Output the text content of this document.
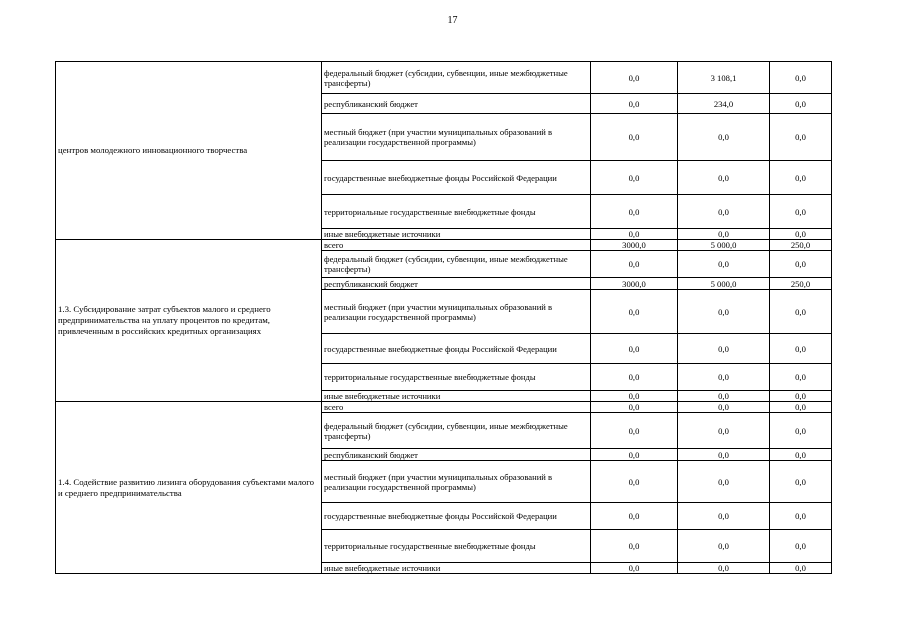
17
центров молодежного инновационного творчества	федеральный бюджет (субсидии, субвенции, иные межбюджетные трансферты)	0,0	3 108,1	0,0
	республиканский бюджет	0,0	234,0	0,0
	местный бюджет (при участии муниципальных образований в реализации государственной программы)	0,0	0,0	0,0
	государственные внебюджетные фонды Российской Федерации	0,0	0,0	0,0
	территориальные государственные внебюджетные фонды	0,0	0,0	0,0
	иные внебюджетные источники	0,0	0,0	0,0
1.3. Субсидирование затрат субъектов малого и среднего предпринимательства на уплату процентов по кредитам, привлеченным в российских кредитных организациях	всего	3000,0	5 000,0	250,0
	федеральный бюджет (субсидии, субвенции, иные межбюджетные трансферты)	0,0	0,0	0,0
	республиканский бюджет	3000,0	5 000,0	250,0
	местный бюджет (при участии муниципальных образований в реализации государственной программы)	0,0	0,0	0,0
	государственные внебюджетные фонды Российской Федерации	0,0	0,0	0,0
	территориальные государственные внебюджетные фонды	0,0	0,0	0,0
	иные внебюджетные источники	0,0	0,0	0,0
1.4. Содействие развитию лизинга оборудования субъектами малого и среднего предпринимательства	всего	0,0	0,0	0,0
	федеральный бюджет (субсидии, субвенции, иные межбюджетные трансферты)	0,0	0,0	0,0
	республиканский бюджет	0,0	0,0	0,0
	местный бюджет (при участии муниципальных образований в реализации государственной программы)	0,0	0,0	0,0
	государственные внебюджетные фонды Российской Федерации	0,0	0,0	0,0
	территориальные государственные внебюджетные фонды	0,0	0,0	0,0
	иные внебюджетные источники	0,0	0,0	0,0
